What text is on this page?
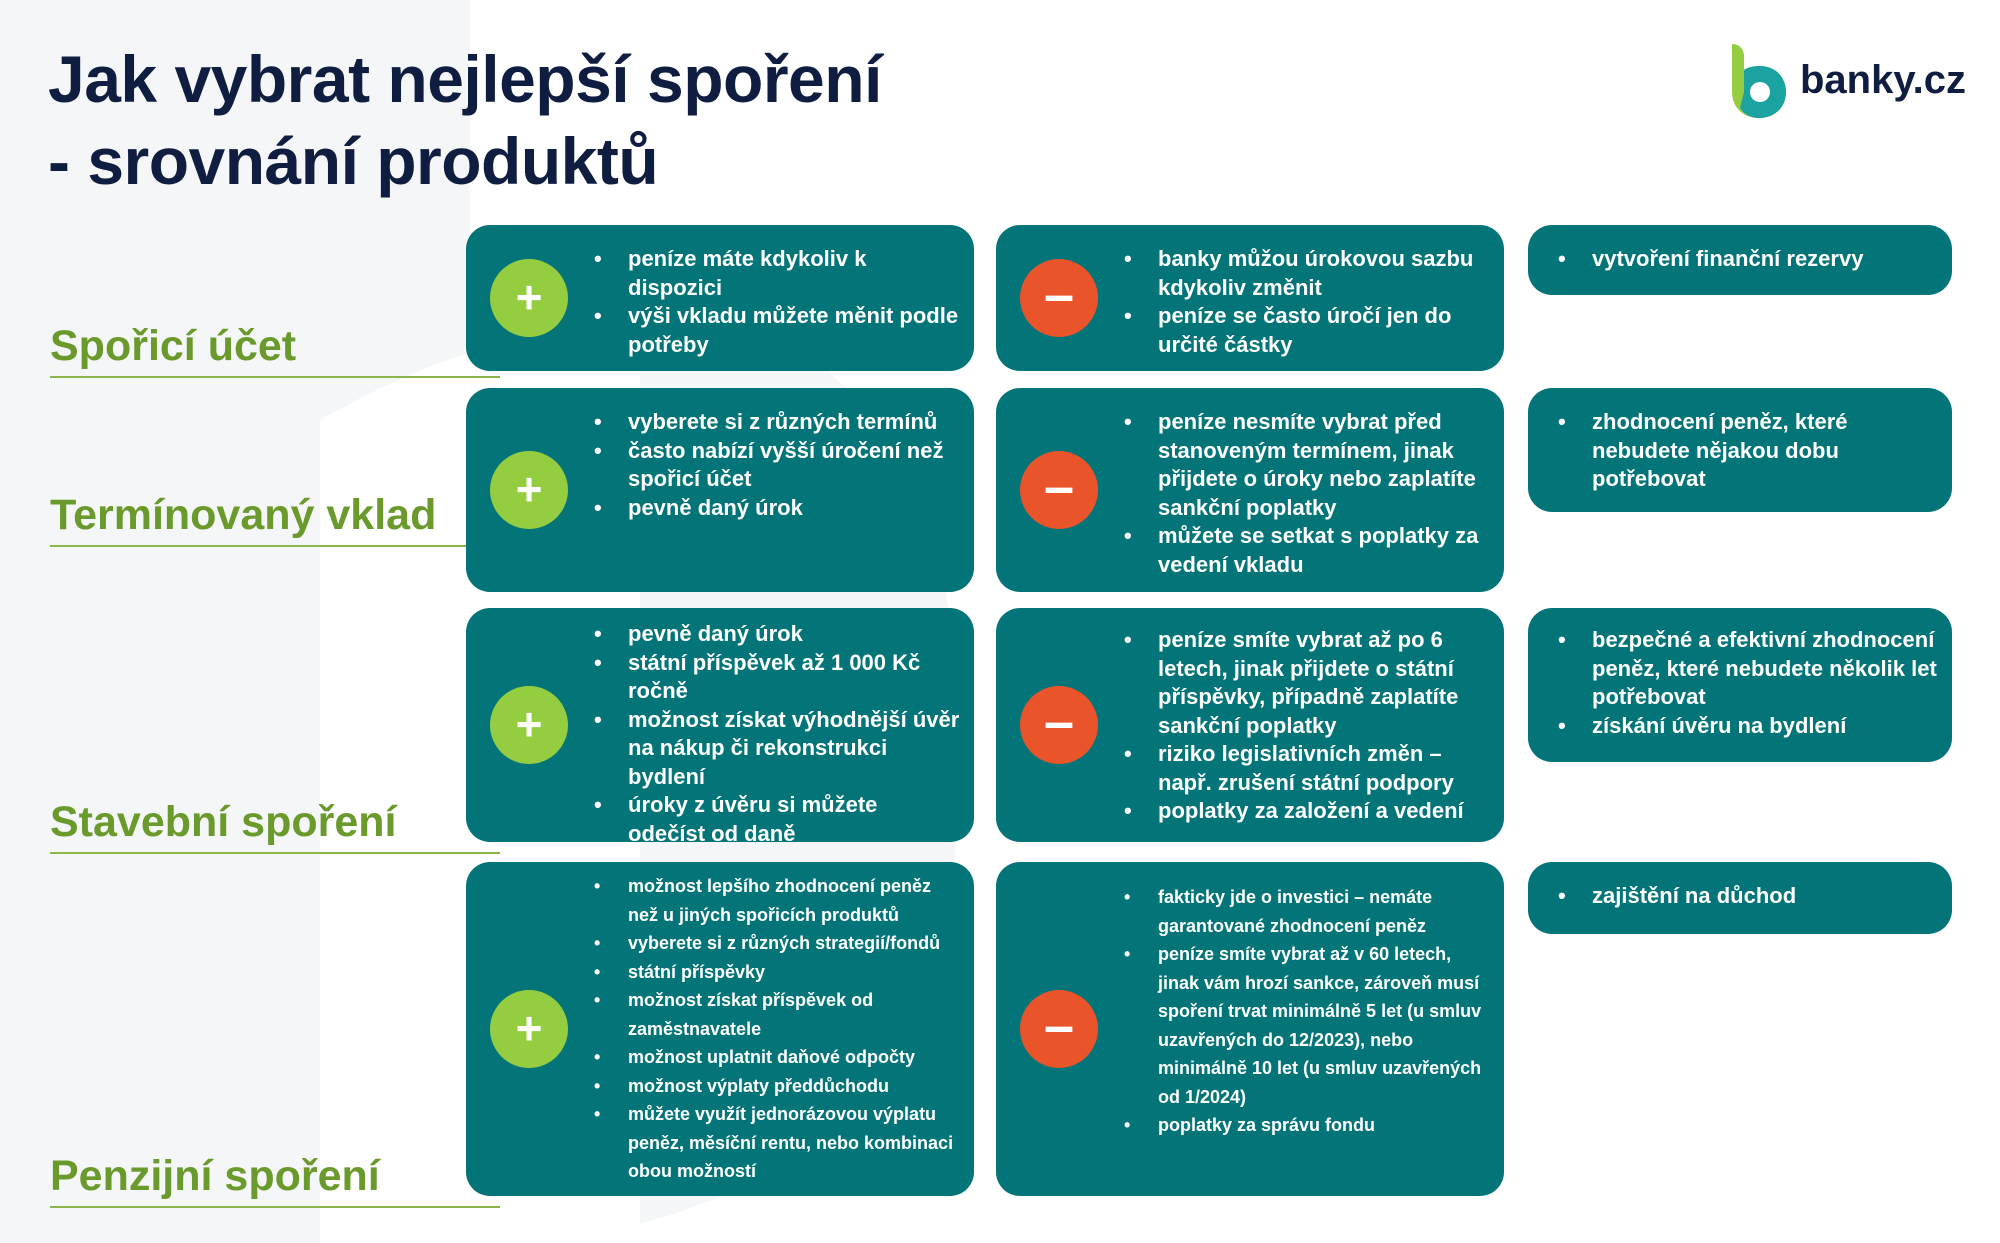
Jak vybrat nejlepší spoření
- srovnání produktů
banky.cz
Spořicí účet
+
• peníze máte kdykoliv k dispozici
• výši vkladu můžete měnit podle potřeby
–
• banky můžou úrokovou sazbu kdykoliv změnit
• peníze se často úročí jen do určité částky
• vytvoření finanční rezervy
Termínovaný vklad	+
• vyberete si z různých termínů
• často nabízí vyšší úročení než spořicí účet
• pevně daný úrok	–
• peníze nesmíte vybrat před stanoveným termínem, jinak přijdete o úroky nebo zaplatíte sankční poplatky
• můžete se setkat s poplatky za vedení vkladu
• zhodnocení peněz, které nebudete nějakou dobu potřebovat
Stavební spoření
+
• pevně daný úrok
• státní příspěvek až 1 000 Kč ročně
• možnost získat výhodnější úvěr na nákup či rekonstrukci bydlení
• úroky z úvěru si můžete odečíst od daně
–
• peníze smíte vybrat až po 6 letech, jinak přijdete o státní příspěvky, případně zaplatíte sankční poplatky
• riziko legislativních změn – např. zrušení státní podpory
• poplatky za založení a vedení
• bezpečné a efektivní zhodnocení peněz, které nebudete několik let potřebovat
• získání úvěru na bydlení
Penzijní spoření
+
• možnost lepšího zhodnocení peněz než u jiných spořicích produktů
• vyberete si z různých strategií/fondů
• státní příspěvky
• možnost získat příspěvek od zaměstnavatele
• možnost uplatnit daňové odpočty
• možnost výplaty předdůchodu
• můžete využít jednorázovou výplatu peněz, měsíční rentu, nebo kombinaci obou možností
–
• fakticky jde o investici – nemáte garantované zhodnocení peněz
• peníze smíte vybrat až v 60 letech, jinak vám hrozí sankce, zároveň musí spoření trvat minimálně 5 let (u smluv uzavřených do 12/2023), nebo minimálně 10 let (u smluv uzavřených od 1/2024)
• poplatky za správu fondu
• zajištění na důchod
